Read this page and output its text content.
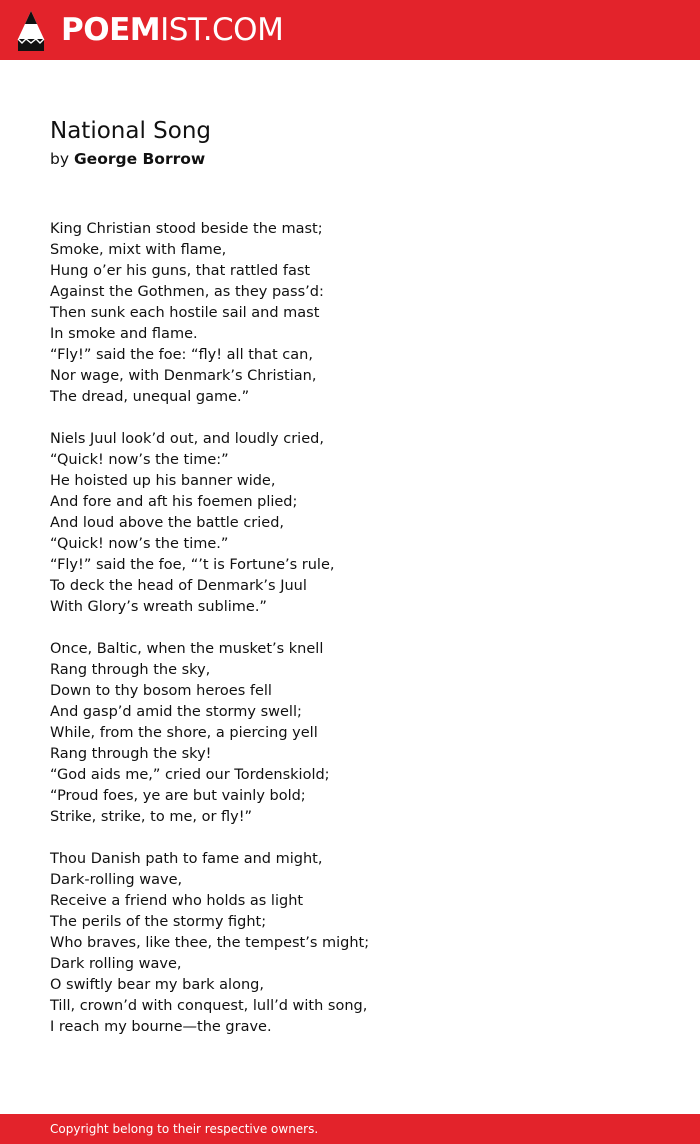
POEMIST.COM
National Song
by George Borrow
King Christian stood beside the mast;
Smoke, mixt with flame,
Hung o’er his guns, that rattled fast
Against the Gothmen, as they pass’d:
Then sunk each hostile sail and mast
In smoke and flame.
“Fly!” said the foe: “fly! all that can,
Nor wage, with Denmark’s Christian,
The dread, unequal game.”
Niels Juul look’d out, and loudly cried,
“Quick! now’s the time:”
He hoisted up his banner wide,
And fore and aft his foemen plied;
And loud above the battle cried,
“Quick! now’s the time.”
“Fly!” said the foe, “’t is Fortune’s rule,
To deck the head of Denmark’s Juul
With Glory’s wreath sublime.”
Once, Baltic, when the musket’s knell
Rang through the sky,
Down to thy bosom heroes fell
And gasp’d amid the stormy swell;
While, from the shore, a piercing yell
Rang through the sky!
“God aids me,” cried our Tordenskiold;
“Proud foes, ye are but vainly bold;
Strike, strike, to me, or fly!”
Thou Danish path to fame and might,
Dark-rolling wave,
Receive a friend who holds as light
The perils of the stormy fight;
Who braves, like thee, the tempest’s might;
Dark rolling wave,
O swiftly bear my bark along,
Till, crown’d with conquest, lull’d with song,
I reach my bourne—the grave.
Copyright belong to their respective owners.
